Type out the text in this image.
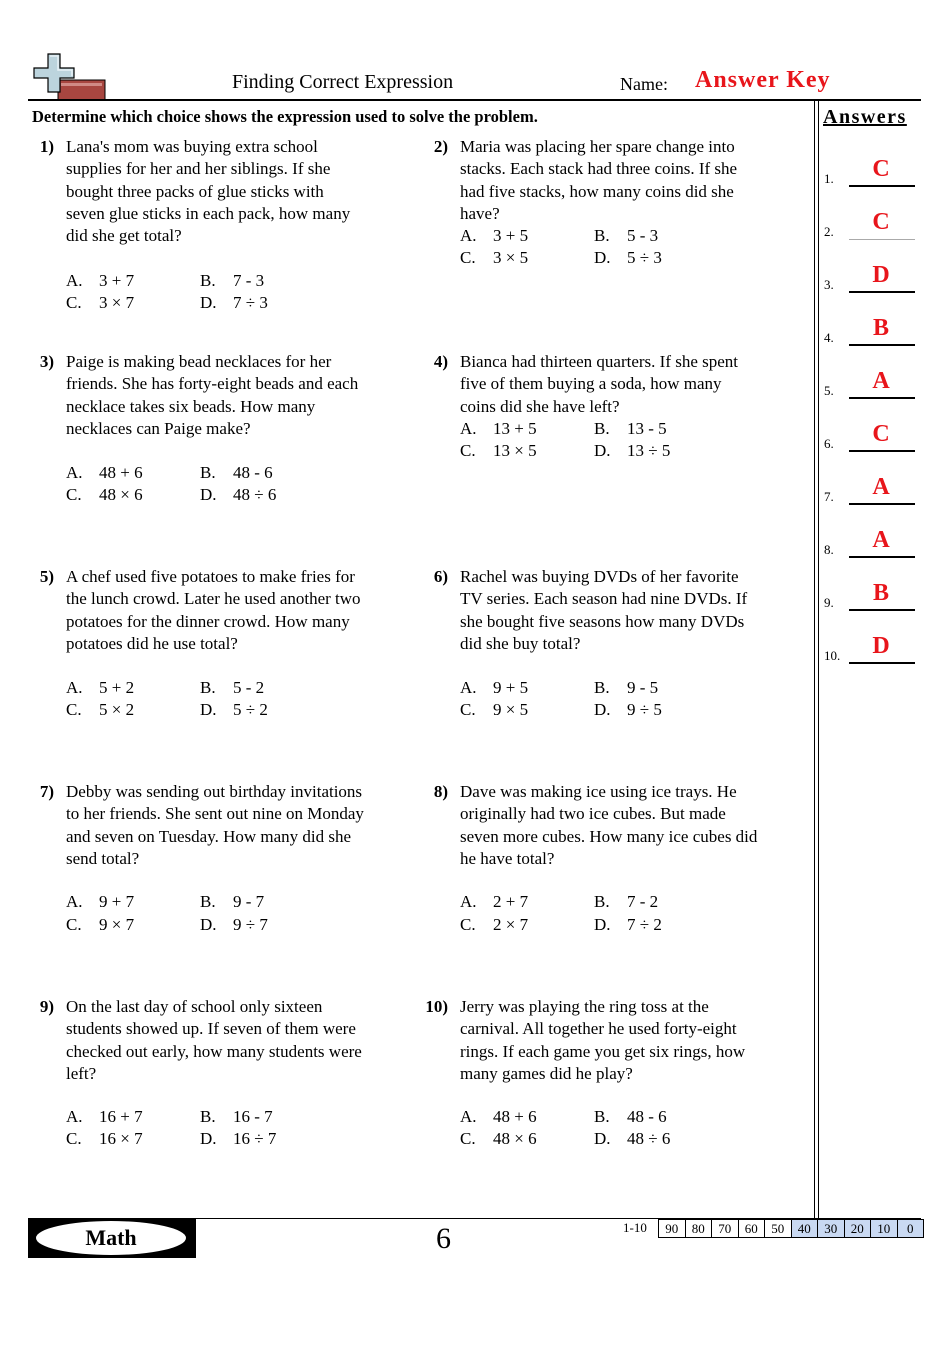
Finding Correct Expression	Name: Answer Key
Determine which choice shows the expression used to solve the problem.	Answers
1.	C
2.	C
3.	D
4.	B
5.	A
6.	C
7.	A
8.	A
9.	B
10.	D
1) Lana's mom was buying extra school supplies for her and her siblings. If she bought three packs of glue sticks with seven glue sticks in each pack, how many did she get total?
A. 3 + 7	B. 7 - 3
C. 3 × 7	D. 7 ÷ 3
2) Maria was placing her spare change into stacks. Each stack had three coins. If she had five stacks, how many coins did she have?
A. 3 + 5	B. 5 - 3
C. 3 × 5	D. 5 ÷ 3
3) Paige is making bead necklaces for her friends. She has forty-eight beads and each necklace takes six beads. How many necklaces can Paige make?
A. 48 + 6	B. 48 - 6
C. 48 × 6	D. 48 ÷ 6
4) Bianca had thirteen quarters. If she spent five of them buying a soda, how many coins did she have left?
A. 13 + 5	B. 13 - 5
C. 13 × 5	D. 13 ÷ 5
5) A chef used five potatoes to make fries for the lunch crowd. Later he used another two potatoes for the dinner crowd. How many potatoes did he use total?
A. 5 + 2	B. 5 - 2
C. 5 × 2	D. 5 ÷ 2
6) Rachel was buying DVDs of her favorite TV series. Each season had nine DVDs. If she bought five seasons how many DVDs did she buy total?
A. 9 + 5	B. 9 - 5
C. 9 × 5	D. 9 ÷ 5
7) Debby was sending out birthday invitations to her friends. She sent out nine on Monday and seven on Tuesday. How many did she send total?
A. 9 + 7	B. 9 - 7
C. 9 × 7	D. 9 ÷ 7
8) Dave was making ice using ice trays. He originally had two ice cubes. But made seven more cubes. How many ice cubes did he have total?
A. 2 + 7	B. 7 - 2
C. 2 × 7	D. 7 ÷ 2
9) On the last day of school only sixteen students showed up. If seven of them were checked out early, how many students were left?
A. 16 + 7	B. 16 - 7
C. 16 × 7	D. 16 ÷ 7
10) Jerry was playing the ring toss at the carnival. All together he used forty-eight rings. If each game you get six rings, how many games did he play?
A. 48 + 6	B. 48 - 6
C. 48 × 6	D. 48 ÷ 6
Math	6	1-10	90	80	70	60	50	40	30	20	10	0
